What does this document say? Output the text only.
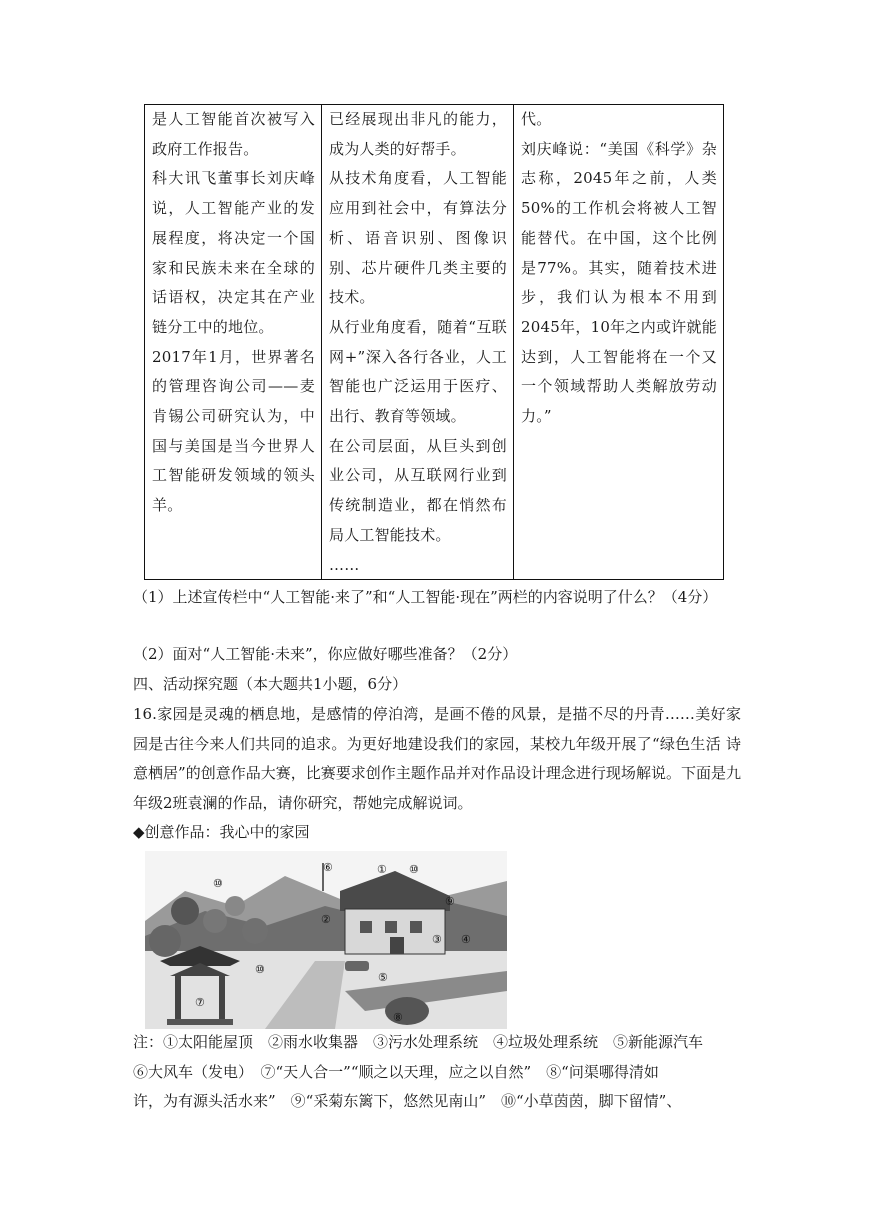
是人工智能首次被写入政府工作报告。

科大讯飞董事长刘庆峰说，人工智能产业的发展程度，将决定一个国家和民族未来在全球的话语权，决定其在产业链分工中的地位。

2017年1月，世界著名的管理咨询公司——麦肯锡公司研究认为，中国与美国是当今世界人工智能研发领域的领头羊。

已经展现出非凡的能力，成为人类的好帮手。

从技术角度看，人工智能应用到社会中，有算法分析、语音识别、图像识别、芯片硬件几类主要的技术。

从行业角度看，随着“互联网+”深入各行各业，人工智能也广泛运用于医疗、出行、教育等领域。

在公司层面，从巨头到创业公司，从互联网行业到传统制造业，都在悄然布局人工智能技术。

……

代。

刘庆峰说：“美国《科学》杂志称，2045年之前，人类50%的工作机会将被人工智能替代。在中国，这个比例是77%。其实，随着技术进步，我们认为根本不用到2045年，10年之内或许就能达到，人工智能将在一个又一个领域帮助人类解放劳动力。”

（1）上述宣传栏中“人工智能·来了”和“人工智能·现在”两栏的内容说明了什么？（4分）
（2）面对“人工智能·未来”，你应做好哪些准备？（2分）
四、活动探究题（本大题共1小题，6分）
16.家园是灵魂的栖息地，是感情的停泊湾，是画不倦的风景，是描不尽的丹青……美好家园是古往今来人们共同的追求。为更好地建设我们的家园，某校九年级开展了“绿色生活 诗意栖居”的创意作品大赛，比赛要求创作主题作品并对作品设计理念进行现场解说。下面是九年级2班袁澜的作品，请你研究，帮她完成解说词。
◆创意作品：我心中的家园
①
②
③ ④
⑤
⑥
⑦
⑧
⑨
⑩
⑩
⑩
注：①太阳能屋顶　②雨水收集器　③污水处理系统　④垃圾处理系统　⑤新能源汽车
⑥大风车（发电）　⑦“天人合一”“顺之以天理，应之以自然”　⑧“问渠哪得清如
许，为有源头活水来”　⑨“采菊东篱下，悠然见南山”　⑩“小草茵茵，脚下留情”、
